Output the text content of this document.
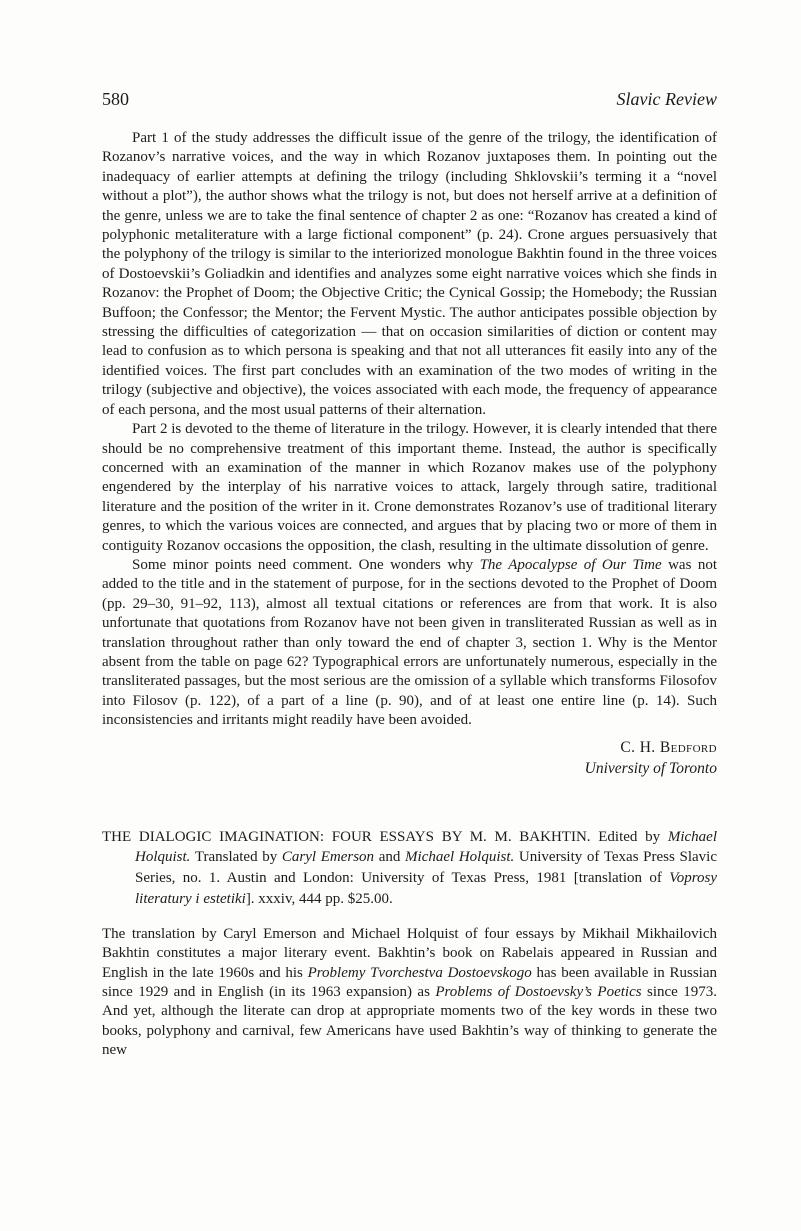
580	Slavic Review

Part 1 of the study addresses the difficult issue of the genre of the trilogy, the identification of Rozanov’s narrative voices, and the way in which Rozanov juxtaposes them. In pointing out the inadequacy of earlier attempts at defining the trilogy (including Shklovskii’s terming it a “novel without a plot”), the author shows what the trilogy is not, but does not herself arrive at a definition of the genre, unless we are to take the final sentence of chapter 2 as one: “Rozanov has created a kind of polyphonic metaliterature with a large fictional component” (p. 24). Crone argues persuasively that the polyphony of the trilogy is similar to the interiorized monologue Bakhtin found in the three voices of Dostoevskii’s Goliadkin and identifies and analyzes some eight narrative voices which she finds in Rozanov: the Prophet of Doom; the Objective Critic; the Cynical Gossip; the Homebody; the Russian Buffoon; the Confessor; the Mentor; the Fervent Mystic. The author anticipates possible objection by stressing the difficulties of categorization — that on occasion similarities of diction or content may lead to confusion as to which persona is speaking and that not all utterances fit easily into any of the identified voices. The first part concludes with an examination of the two modes of writing in the trilogy (subjective and objective), the voices associated with each mode, the frequency of appearance of each persona, and the most usual patterns of their alternation.

Part 2 is devoted to the theme of literature in the trilogy. However, it is clearly intended that there should be no comprehensive treatment of this important theme. Instead, the author is specifically concerned with an examination of the manner in which Rozanov makes use of the polyphony engendered by the interplay of his narrative voices to attack, largely through satire, traditional literature and the position of the writer in it. Crone demonstrates Rozanov’s use of traditional literary genres, to which the various voices are connected, and argues that by placing two or more of them in contiguity Rozanov occasions the opposition, the clash, resulting in the ultimate dissolution of genre.

Some minor points need comment. One wonders why The Apocalypse of Our Time was not added to the title and in the statement of purpose, for in the sections devoted to the Prophet of Doom (pp. 29–30, 91–92, 113), almost all textual citations or references are from that work. It is also unfortunate that quotations from Rozanov have not been given in transliterated Russian as well as in translation throughout rather than only toward the end of chapter 3, section 1. Why is the Mentor absent from the table on page 62? Typographical errors are unfortunately numerous, especially in the transliterated passages, but the most serious are the omission of a syllable which transforms Filosofov into Filosov (p. 122), of a part of a line (p. 90), and of at least one entire line (p. 14). Such inconsistencies and irritants might readily have been avoided.

C. H. Bedford
University of Toronto

THE DIALOGIC IMAGINATION: FOUR ESSAYS BY M. M. BAKHTIN. Edited by Michael Holquist. Translated by Caryl Emerson and Michael Holquist. University of Texas Press Slavic Series, no. 1. Austin and London: University of Texas Press, 1981 [translation of Voprosy literatury i estetiki]. xxxiv, 444 pp. $25.00.

The translation by Caryl Emerson and Michael Holquist of four essays by Mikhail Mikhailovich Bakhtin constitutes a major literary event. Bakhtin’s book on Rabelais appeared in Russian and English in the late 1960s and his Problemy Tvorchestva Dostoevskogo has been available in Russian since 1929 and in English (in its 1963 expansion) as Problems of Dostoevsky’s Poetics since 1973. And yet, although the literate can drop at appropriate moments two of the key words in these two books, polyphony and carnival, few Americans have used Bakhtin’s way of thinking to generate the new
